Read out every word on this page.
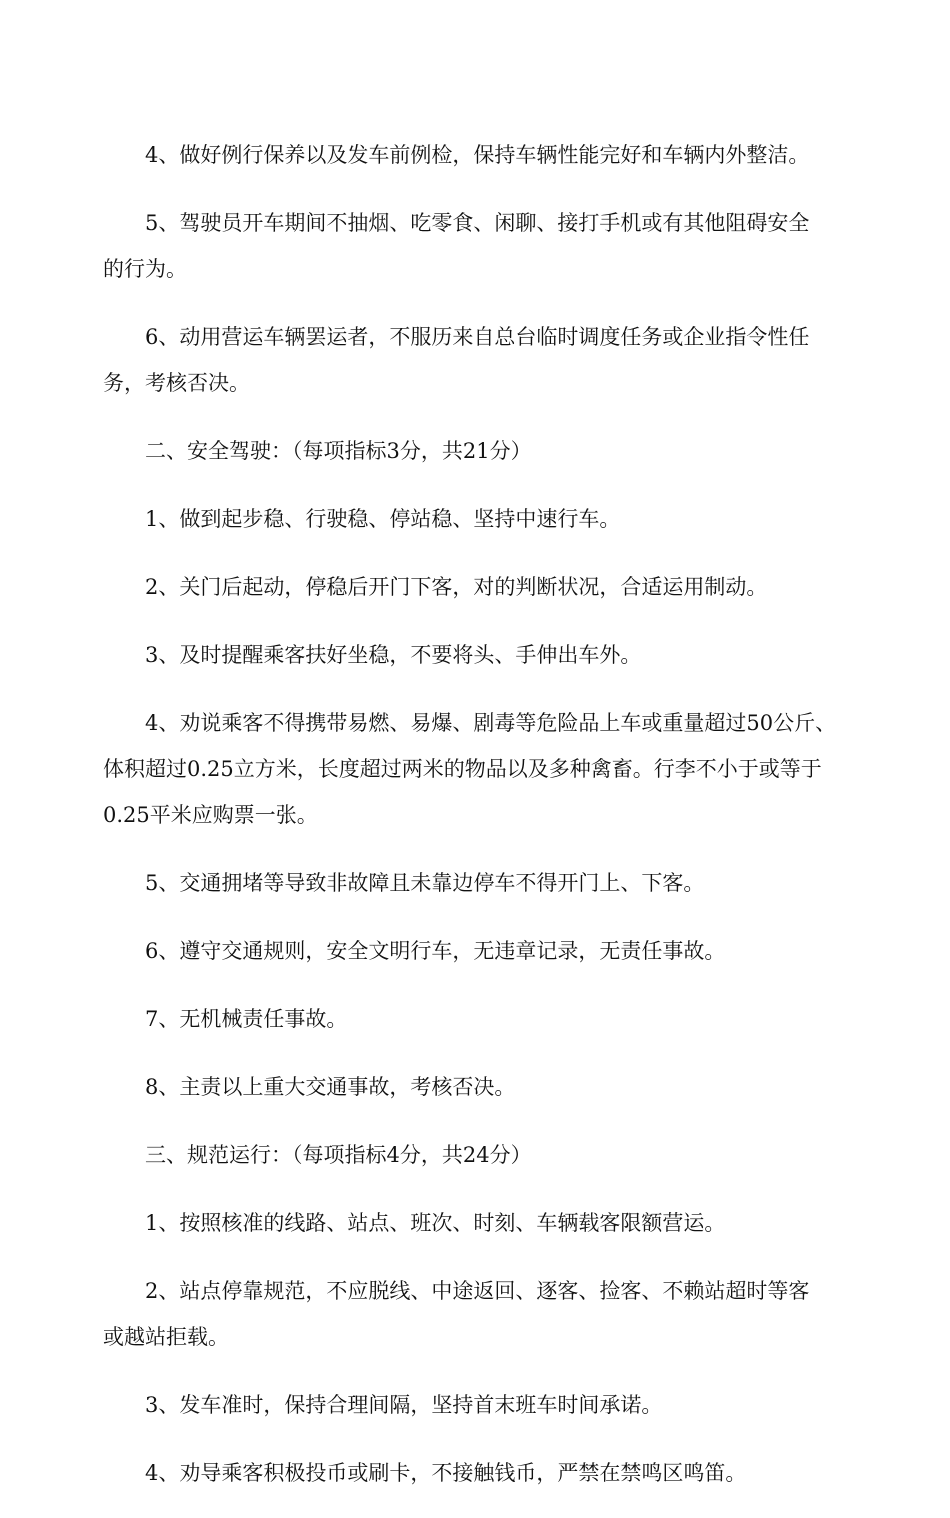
4、做好例行保养以及发车前例检，保持车辆性能完好和车辆内外整洁。

5、驾驶员开车期间不抽烟、吃零食、闲聊、接打手机或有其他阻碍安全
的行为。

6、动用营运车辆罢运者，不服历来自总台临时调度任务或企业指令性任
务，考核否决。

二、安全驾驶：（每项指标3分，共21分）

1、做到起步稳、行驶稳、停站稳、坚持中速行车。

2、关门后起动，停稳后开门下客，对的判断状况，合适运用制动。

3、及时提醒乘客扶好坐稳，不要将头、手伸出车外。

4、劝说乘客不得携带易燃、易爆、剧毒等危险品上车或重量超过50公斤、
体积超过0.25立方米，长度超过两米的物品以及多种禽畜。行李不小于或等于
0.25平米应购票一张。

5、交通拥堵等导致非故障且未靠边停车不得开门上、下客。

6、遵守交通规则，安全文明行车，无违章记录，无责任事故。

7、无机械责任事故。

8、主责以上重大交通事故，考核否决。

三、规范运行：（每项指标4分，共24分）

1、按照核准的线路、站点、班次、时刻、车辆载客限额营运。

2、站点停靠规范，不应脱线、中途返回、逐客、捡客、不赖站超时等客
或越站拒载。

3、发车准时，保持合理间隔，坚持首末班车时间承诺。

4、劝导乘客积极投币或刷卡，不接触钱币，严禁在禁鸣区鸣笛。
